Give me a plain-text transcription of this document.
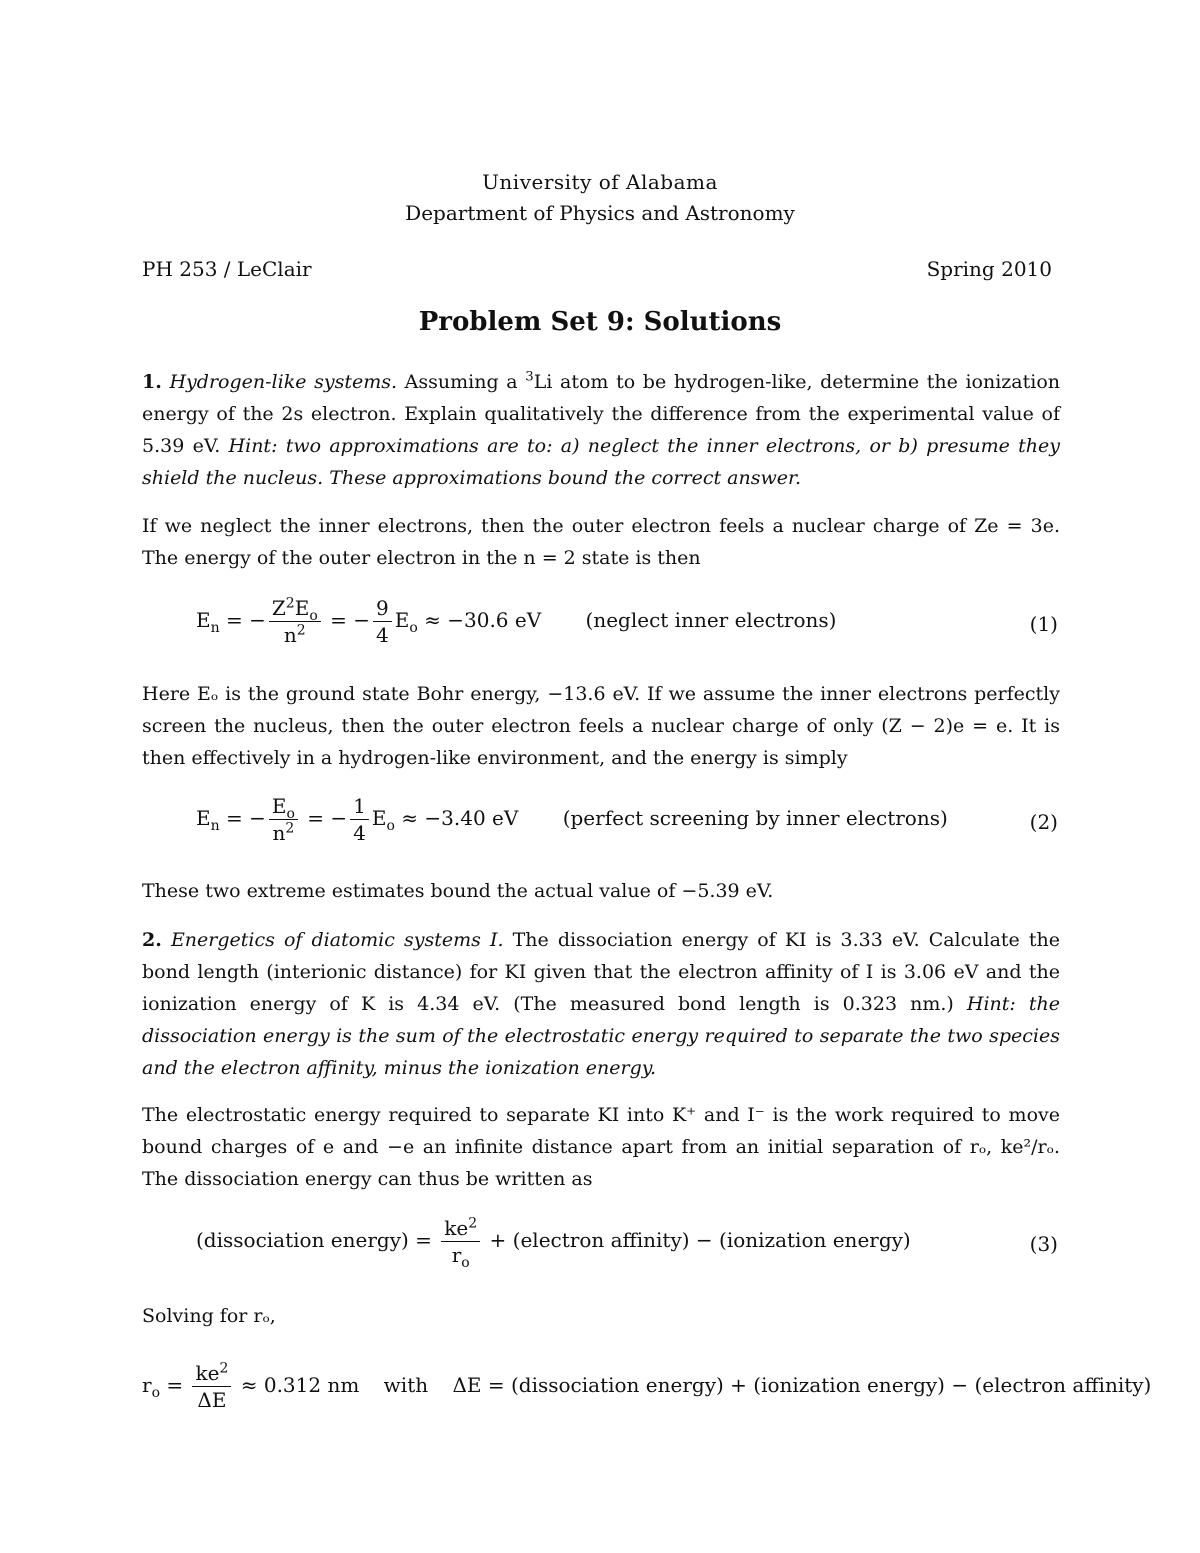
University of Alabama
Department of Physics and Astronomy
PH 253 / LeClair	Spring 2010
Problem Set 9: Solutions
1. Hydrogen-like systems. Assuming a $^3$Li atom to be hydrogen-like, determine the ionization energy of the 2s electron. Explain qualitatively the difference from the experimental value of 5.39 eV. Hint: two approximations are to: a) neglect the inner electrons, or b) presume they shield the nucleus. These approximations bound the correct answer.
If we neglect the inner electrons, then the outer electron feels a nuclear charge of Ze = 3e. The energy of the outer electron in the n = 2 state is then
$E_n$ = − $\frac{Z^2E_o}{n^2}$ = − $\frac{9}{4} E_o \approx -30.6$ eV (neglect inner electrons)	(1)
Here Eₒ is the ground state Bohr energy, −13.6 eV. If we assume the inner electrons perfectly screen the nucleus, then the outer electron feels a nuclear charge of only (Z − 2)e = e. It is then effectively in a hydrogen-like environment, and the energy is simply
$E_n$ = − $\frac{E_o}{n^2}$ = − $\frac{1}{4} E_o \approx -3.40$ eV (perfect screening by inner electrons)	(2)
These two extreme estimates bound the actual value of −5.39 eV.
2. Energetics of diatomic systems I. The dissociation energy of KI is 3.33 eV. Calculate the bond length (interionic distance) for KI given that the electron affinity of I is 3.06 eV and the ionization energy of K is 4.34 eV. (The measured bond length is 0.323 nm.) Hint: the dissociation energy is the sum of the electrostatic energy required to separate the two species and the electron affinity, minus the ionization energy.
The electrostatic energy required to separate KI into K⁺ and I⁻ is the work required to move bound charges of e and −e an infinite distance apart from an initial separation of rₒ, ke²/rₒ. The dissociation energy can thus be written as
(dissociation energy) = $\frac{ke^2}{r_o}$ + (electron affinity) − (ionization energy)	(3)
Solving for rₒ,
$r_o = \frac{ke^2}{\Delta E} \approx 0.312$ nm with ΔE = (dissociation energy) + (ionization energy) − (electron affinity)
